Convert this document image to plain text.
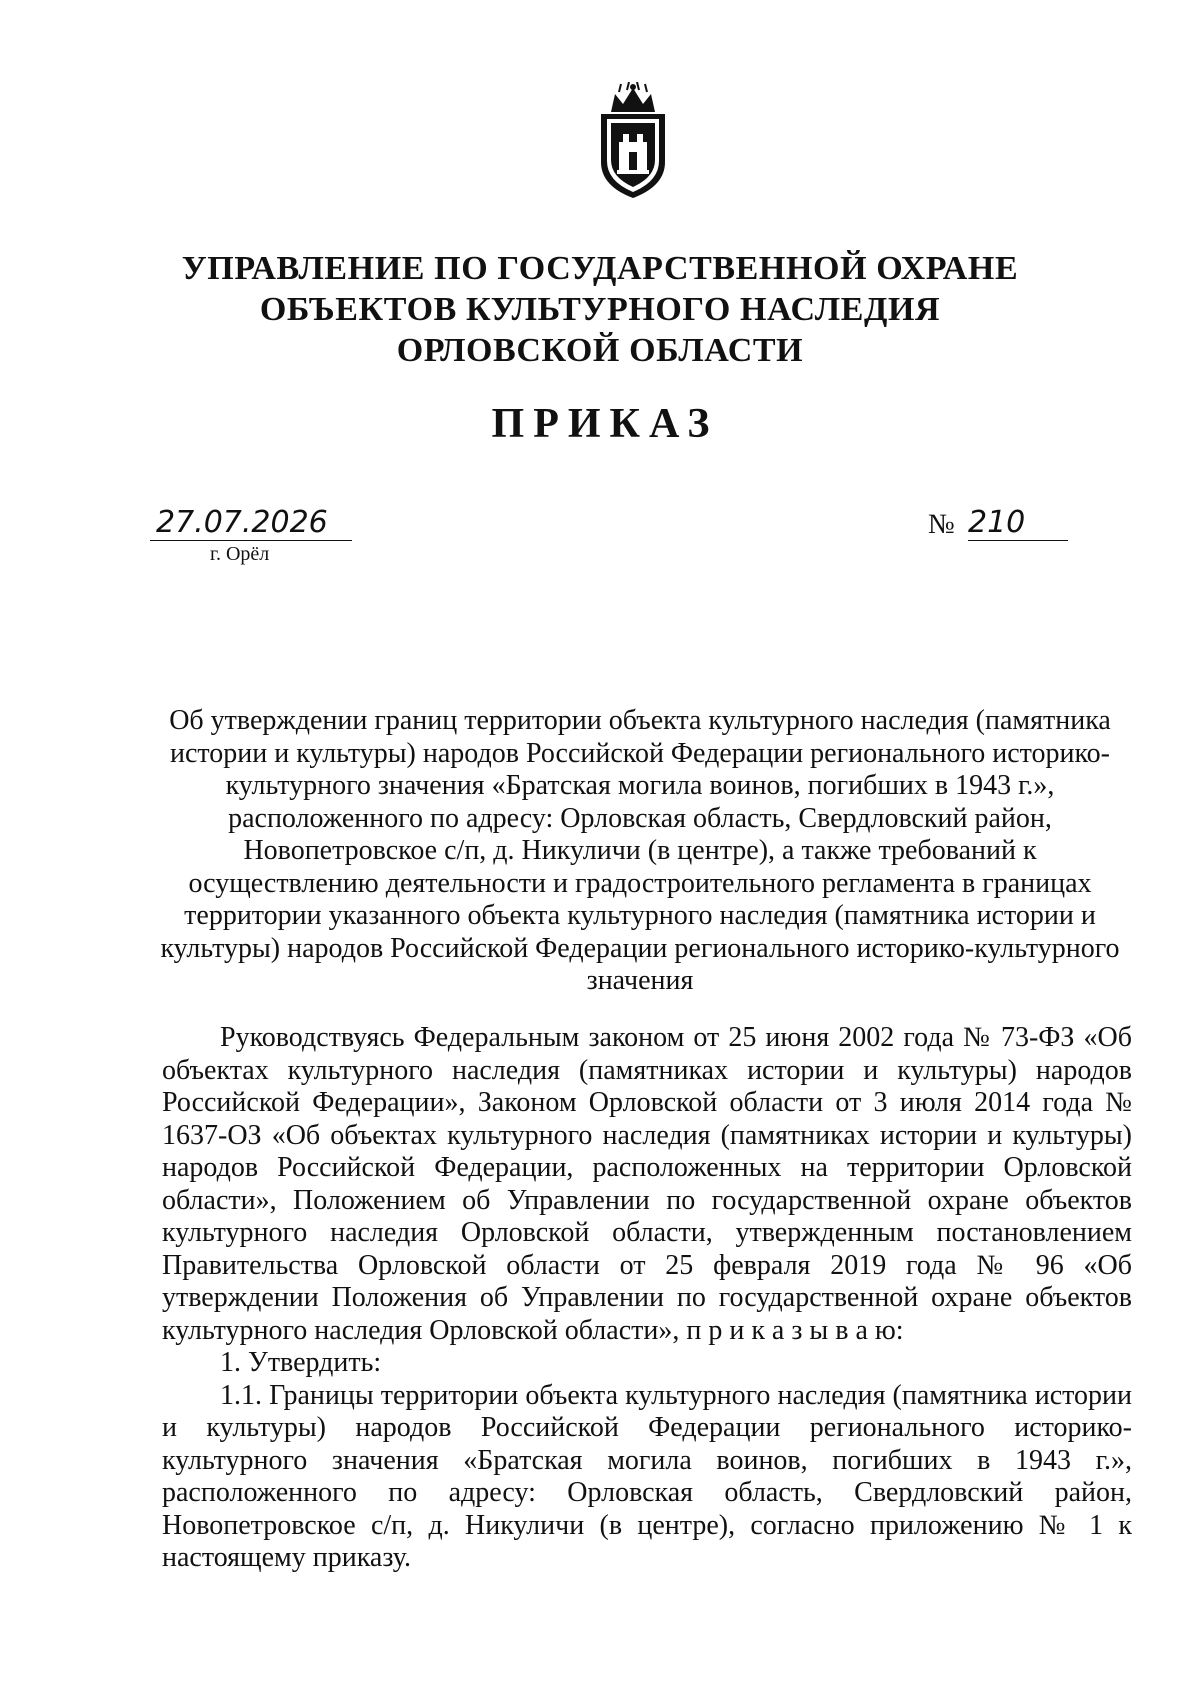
УПРАВЛЕНИЕ ПО ГОСУДАРСТВЕННОЙ ОХРАНЕ
ОБЪЕКТОВ КУЛЬТУРНОГО НАСЛЕДИЯ
ОРЛОВСКОЙ ОБЛАСТИ
ПРИКАЗ
27.07.2026
г. Орёл
№ 210
Об утверждении границ территории объекта культурного наследия (памятника истории и культуры) народов Российской Федерации регионального историко-культурного значения «Братская могила воинов, погибших в 1943 г.», расположенного по адресу: Орловская область, Свердловский район, Новопетровское с/п, д. Никуличи (в центре), а также требований к осуществлению деятельности и градостроительного регламента в границах территории указанного объекта культурного наследия (памятника истории и культуры) народов Российской Федерации регионального историко-культурного значения

Руководствуясь Федеральным законом от 25 июня 2002 года № 73-ФЗ «Об объектах культурного наследия (памятниках истории и культуры) народов Российской Федерации», Законом Орловской области от 3 июля 2014 года № 1637-ОЗ «Об объектах культурного наследия (памятниках истории и культуры) народов Российской Федерации, расположенных на территории Орловской области», Положением об Управлении по государственной охране объектов культурного наследия Орловской области, утвержденным постановлением Правительства Орловской области от 25 февраля 2019 года № 96 «Об утверждении Положения об Управлении по государственной охране объектов культурного наследия Орловской области», п р и к а з ы в а ю:

1. Утвердить:

1.1. Границы территории объекта культурного наследия (памятника истории и культуры) народов Российской Федерации регионального историко-культурного значения «Братская могила воинов, погибших в 1943 г.», расположенного по адресу: Орловская область, Свердловский район, Новопетровское с/п, д. Никуличи (в центре), согласно приложению № 1 к настоящему приказу.
